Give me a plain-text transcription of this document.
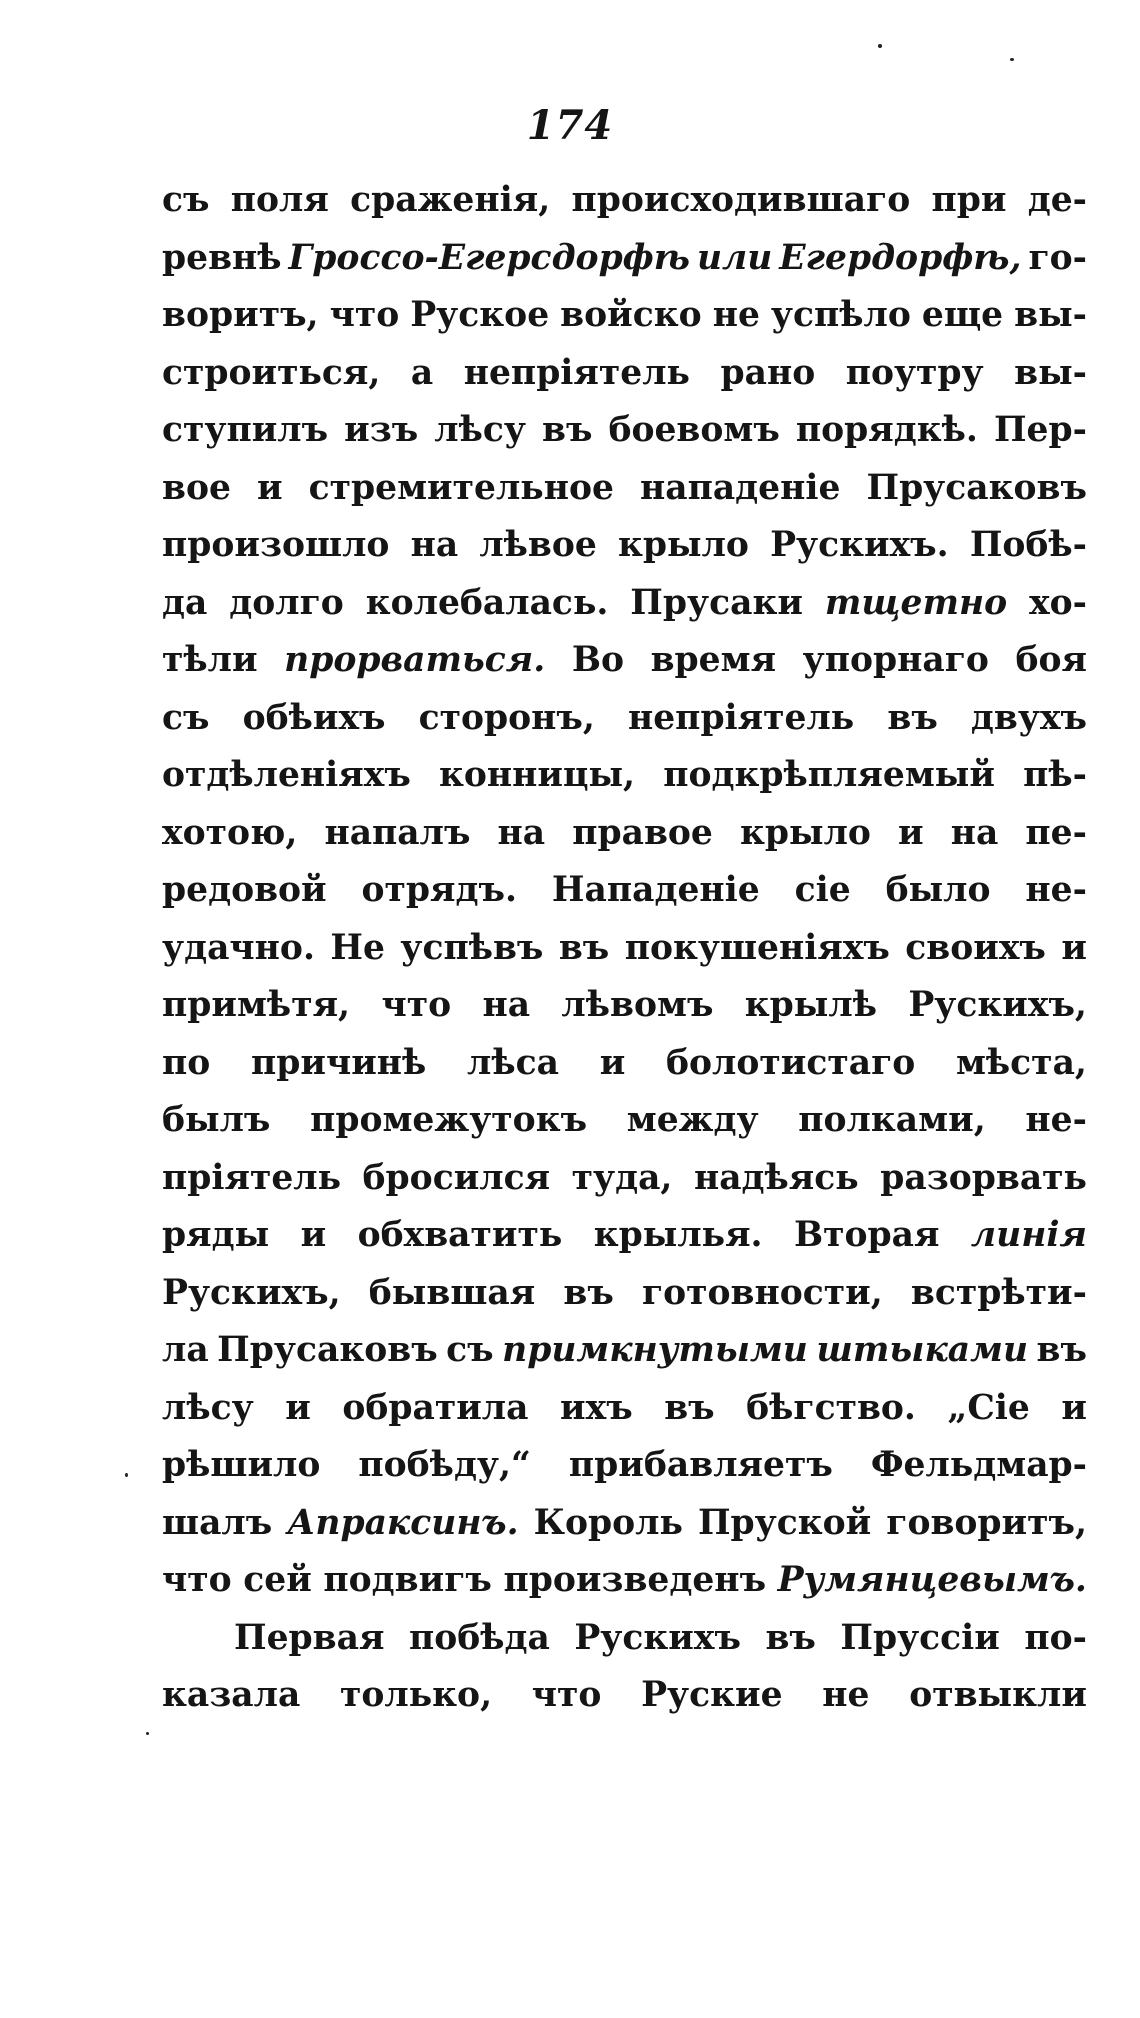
174
съ поля сраженія, происходившаго при де-
ревнѣ Гроссо-Егерсдорфѣ или Егердорфѣ, го-
воритъ, что Руское войско не успѣло еще вы-
строиться, а непріятель рано поутру вы-
ступилъ изъ лѣсу въ боевомъ порядкѣ. Пер-
вое и стремительное нападеніе Прусаковъ
произошло на лѣвое крыло Рускихъ. Побѣ-
да долго колебалась. Прусаки тщетно хо-
тѣли прорваться. Во время упорнаго боя
съ обѣихъ сторонъ, непріятель въ двухъ
отдѣленіяхъ конницы, подкрѣпляемый пѣ-
хотою, напалъ на правое крыло и на пе-
редовой отрядъ. Нападеніе сіе было не-
удачно. Не успѣвъ въ покушеніяхъ своихъ и
примѣтя, что на лѣвомъ крылѣ Рускихъ,
по причинѣ лѣса и болотистаго мѣста,
былъ промежутокъ между полками, не-
пріятель бросился туда, надѣясь разорвать
ряды и обхватить крылья. Вторая линія
Рускихъ, бывшая въ готовности, встрѣти-
ла Прусаковъ съ примкнутыми штыками въ
лѣсу и обратила ихъ въ бѣгство. „Сіе и
рѣшило побѣду,“ прибавляетъ Фельдмар-
шалъ Апраксинъ. Король Пруской говоритъ,
что сей подвигъ произведенъ Румянцевымъ.
Первая побѣда Рускихъ въ Пруссіи по-
казала только, что Руские не отвыкли
